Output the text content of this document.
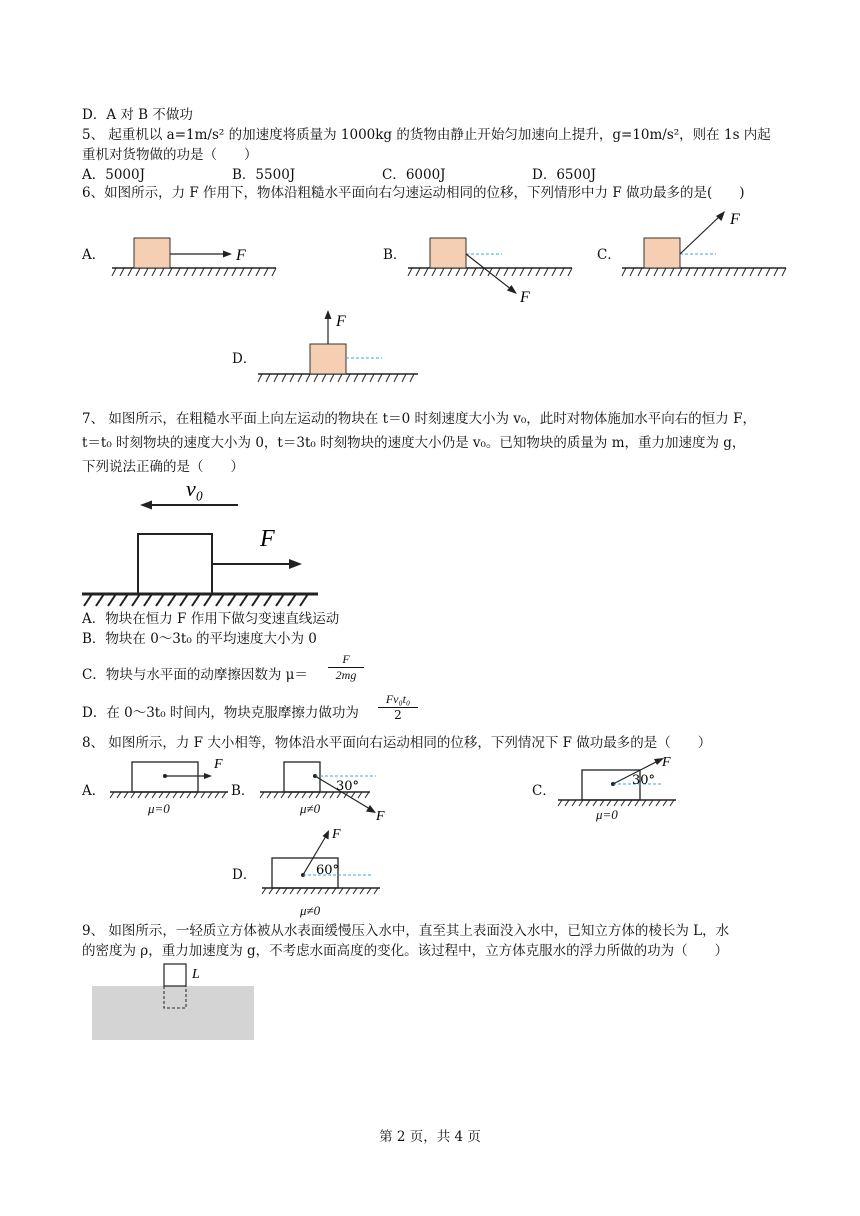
D．A 对 B 不做功
5、 起重机以 a=1m/s² 的加速度将质量为 1000kg 的货物由静止开始匀加速向上提升，g=10m/s²，则在 1s 内起
重机对货物做的功是（　　）
A．5000J	B．5500J	C．6000J	D．6500J
6、如图所示，力 F 作用下，物体沿粗糙水平面向右匀速运动相同的位移，下列情形中力 F 做功最多的是(　　)
A．	F	B．
F
C．
F
D．
F
7、 如图所示，在粗糙水平面上向左运动的物块在 t＝0 时刻速度大小为 v₀，此时对物体施加水平向右的恒力 F，
t＝t₀ 时刻物块的速度大小为 0，t＝3t₀ 时刻物块的速度大小仍是 v₀。已知物块的质量为 m，重力加速度为 g，
下列说法正确的是（　　）
v₀
F
A．物块在恒力 F 作用下做匀变速直线运动
B．物块在 0～3t₀ 的平均速度大小为 0
C．物块与水平面的动摩擦因数为 $\mu= \frac{F}{2mg}$
D．在 0～3t₀ 时间内，物块克服摩擦力做功为 $\frac{\text{Fv₀t₀}}{2}$
8、 如图所示，力 F 大小相等，物体沿水平面向右运动相同的位移，下列情况下 F 做功最多的是（　　）
A．
F
μ=0
B．
F
30°
μ≠0
C．
F
30°
μ=0
D．
F
60°
μ≠0
9、 如图所示，一轻质立方体被从水表面缓慢压入水中，直至其上表面没入水中，已知立方体的棱长为 L，水
的密度为 ρ，重力加速度为 g，不考虑水面高度的变化。该过程中，立方体克服水的浮力所做的功为（　　）
L
第 2 页，共 4 页
